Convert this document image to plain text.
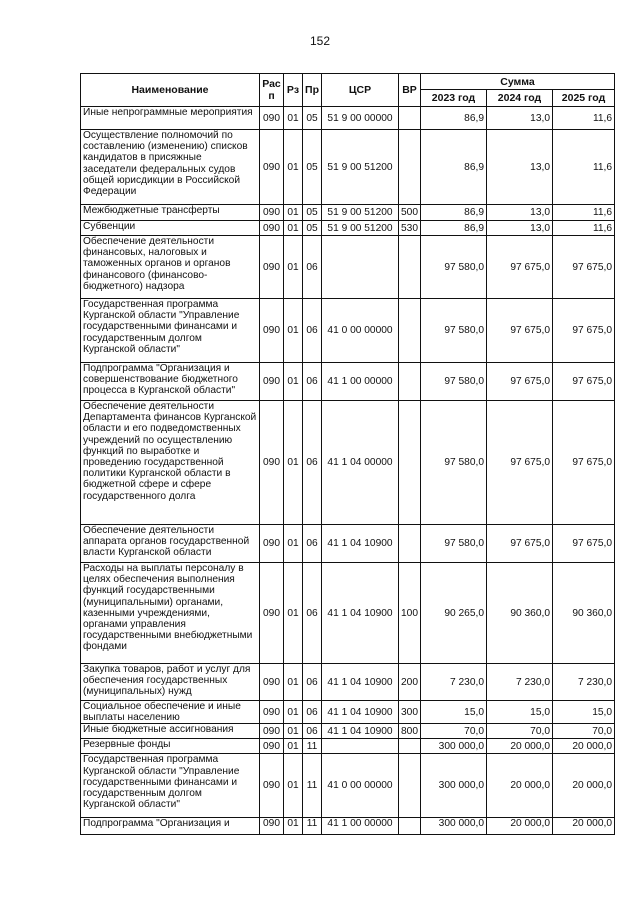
152
Наименование	Рас п	Рз	Пр	ЦСР	ВР	Сумма		
						2023 год	2024 год	2025 год
Иные непрограммные мероприятия	090	01	05	51 9 00 00000		86,9	13,0	11,6
Осуществление полномочий по составлению (изменению) списков кандидатов в присяжные заседатели федеральных судов общей юрисдикции в Российской Федерации	090	01	05	51 9 00 51200		86,9	13,0	11,6
Межбюджетные трансферты	090	01	05	51 9 00 51200	500	86,9	13,0	11,6
Субвенции	090	01	05	51 9 00 51200	530	86,9	13,0	11,6
Обеспечение деятельности финансовых, налоговых и таможенных органов и органов финансового (финансово-бюджетного) надзора	090	01	06			97 580,0	97 675,0	97 675,0
Государственная программа Курганской области "Управление государственными финансами и государственным долгом Курганской области"	090	01	06	41 0 00 00000		97 580,0	97 675,0	97 675,0
Подпрограмма "Организация и совершенствование бюджетного процесса в Курганской области"	090	01	06	41 1 00 00000		97 580,0	97 675,0	97 675,0
Обеспечение деятельности Департамента финансов Курганской области и его подведомственных учреждений по осуществлению функций по выработке и проведению государственной политики Курганской области в бюджетной сфере и сфере государственного долга	090	01	06	41 1 04 00000		97 580,0	97 675,0	97 675,0
Обеспечение деятельности аппарата органов государственной власти Курганской области	090	01	06	41 1 04 10900		97 580,0	97 675,0	97 675,0
Расходы на выплаты персоналу в целях обеспечения выполнения функций государственными (муниципальными) органами, казенными учреждениями, органами управления государственными внебюджетными фондами	090	01	06	41 1 04 10900	100	90 265,0	90 360,0	90 360,0
Закупка товаров, работ и услуг для обеспечения государственных (муниципальных) нужд	090	01	06	41 1 04 10900	200	7 230,0	7 230,0	7 230,0
Социальное обеспечение и иные выплаты населению	090	01	06	41 1 04 10900	300	15,0	15,0	15,0
Иные бюджетные ассигнования	090	01	06	41 1 04 10900	800	70,0	70,0	70,0
Резервные фонды	090	01	11			300 000,0	20 000,0	20 000,0
Государственная программа Курганской области "Управление государственными финансами и государственным долгом Курганской области"	090	01	11	41 0 00 00000		300 000,0	20 000,0	20 000,0
Подпрограмма "Организация и	090	01	11	41 1 00 00000		300 000,0	20 000,0	20 000,0
